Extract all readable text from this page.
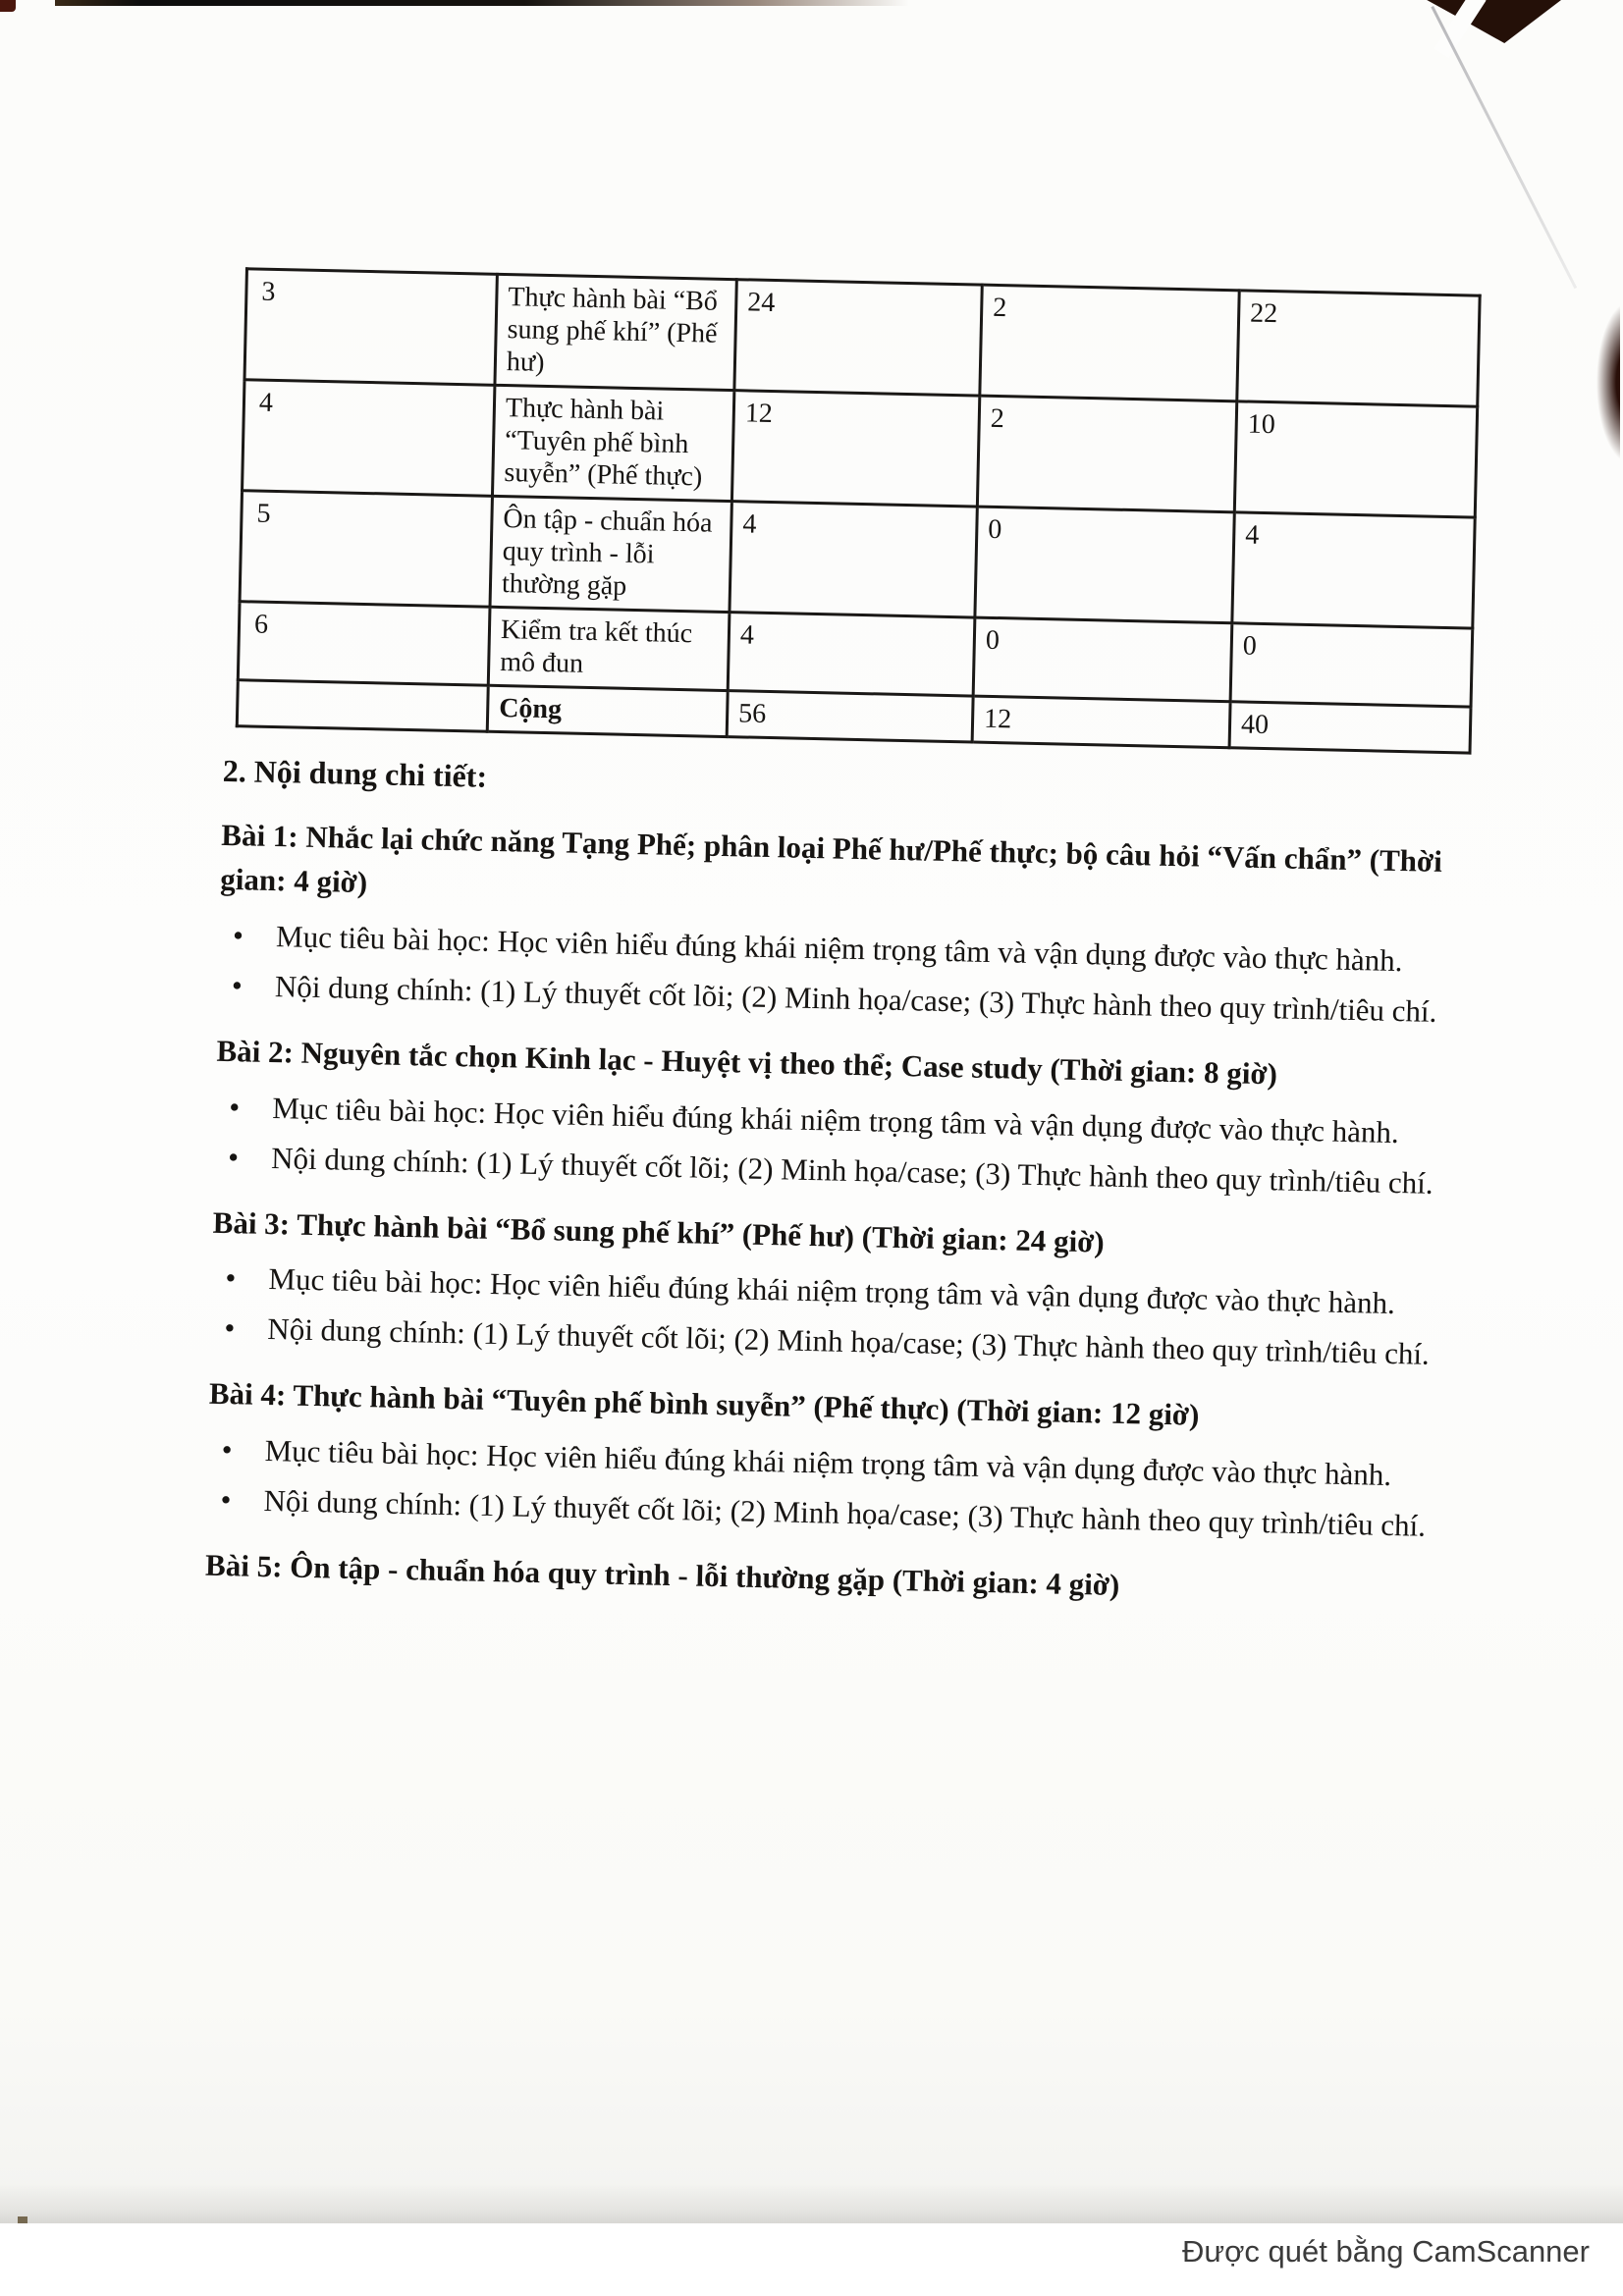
3	Thực hành bài “Bổ sung phế khí” (Phế hư)	24	2	22
4	Thực hành bài “Tuyên phế bình suyễn” (Phế thực)	12	2	10
5	Ôn tập - chuẩn hóa quy trình - lỗi thường gặp	4	0	4
6	Kiểm tra kết thúc mô đun	4	0	0
	Cộng	56	12	40
2. Nội dung chi tiết:
Bài 1: Nhắc lại chức năng Tạng Phế; phân loại Phế hư/Phế thực; bộ câu hỏi “Vấn chẩn” (Thời gian: 4 giờ)
•	Mục tiêu bài học: Học viên hiểu đúng khái niệm trọng tâm và vận dụng được vào thực hành.
•	Nội dung chính: (1) Lý thuyết cốt lõi; (2) Minh họa/case; (3) Thực hành theo quy trình/tiêu chí.
Bài 2: Nguyên tắc chọn Kinh lạc - Huyệt vị theo thể; Case study (Thời gian: 8 giờ)
•	Mục tiêu bài học: Học viên hiểu đúng khái niệm trọng tâm và vận dụng được vào thực hành.
•	Nội dung chính: (1) Lý thuyết cốt lõi; (2) Minh họa/case; (3) Thực hành theo quy trình/tiêu chí.
Bài 3: Thực hành bài “Bổ sung phế khí” (Phế hư) (Thời gian: 24 giờ)
•	Mục tiêu bài học: Học viên hiểu đúng khái niệm trọng tâm và vận dụng được vào thực hành.
•	Nội dung chính: (1) Lý thuyết cốt lõi; (2) Minh họa/case; (3) Thực hành theo quy trình/tiêu chí.
Bài 4: Thực hành bài “Tuyên phế bình suyễn” (Phế thực) (Thời gian: 12 giờ)
•	Mục tiêu bài học: Học viên hiểu đúng khái niệm trọng tâm và vận dụng được vào thực hành.
•	Nội dung chính: (1) Lý thuyết cốt lõi; (2) Minh họa/case; (3) Thực hành theo quy trình/tiêu chí.
Bài 5: Ôn tập - chuẩn hóa quy trình - lỗi thường gặp (Thời gian: 4 giờ)
Được quét bằng CamScanner
